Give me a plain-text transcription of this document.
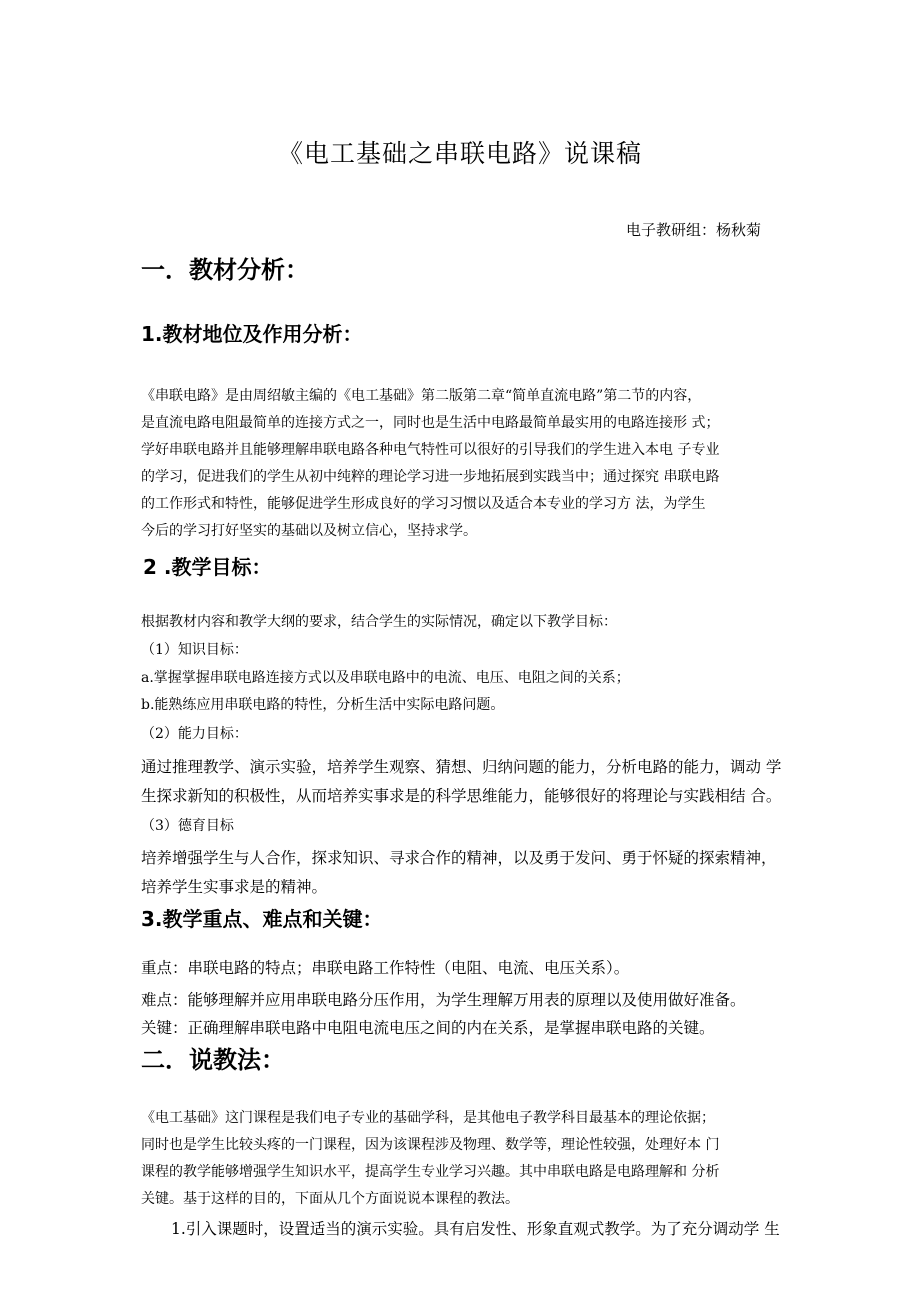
《电工基础之串联电路》说课稿
电子教研组：杨秋菊
一．教材分析：
1.教材地位及作用分析：
《串联电路》是由周绍敏主编的《电工基础》第二版第二章“简单直流电路”第二节的内容，
是直流电路电阻最简单的连接方式之一，同时也是生活中电路最简单最实用的电路连接形 式；
学好串联电路并且能够理解串联电路各种电气特性可以很好的引导我们的学生进入本电 子专业
的学习，促进我们的学生从初中纯粹的理论学习进一步地拓展到实践当中；通过探究 串联电路
的工作形式和特性，能够促进学生形成良好的学习习惯以及适合本专业的学习方 法，为学生
今后的学习打好坚实的基础以及树立信心，坚持求学。
2 .教学目标：
根据教材内容和教学大纲的要求，结合学生的实际情况，确定以下教学目标：
（1）知识目标：
a.掌握掌握串联电路连接方式以及串联电路中的电流、电压、电阻之间的关系；
b.能熟练应用串联电路的特性，分析生活中实际电路问题。
（2）能力目标：
通过推理教学、演示实验，培养学生观察、猜想、归纳问题的能力，分析电路的能力，调动 学
生探求新知的积极性，从而培养实事求是的科学思维能力，能够很好的将理论与实践相结 合。
（3）德育目标
培养增强学生与人合作，探求知识、寻求合作的精神，以及勇于发问、勇于怀疑的探索精神，
培养学生实事求是的精神。
3.教学重点、难点和关键：
重点：串联电路的特点；串联电路工作特性（电阻、电流、电压关系）。
难点：能够理解并应用串联电路分压作用，为学生理解万用表的原理以及使用做好准备。
关键：正确理解串联电路中电阻电流电压之间的内在关系，是掌握串联电路的关键。
二．说教法：
《电工基础》这门课程是我们电子专业的基础学科，是其他电子教学科目最基本的理论依据；
同时也是学生比较头疼的一门课程，因为该课程涉及物理、数学等，理论性较强，处理好本 门
课程的教学能够增强学生知识水平，提高学生专业学习兴趣。其中串联电路是电路理解和 分析
关键。基于这样的目的，下面从几个方面说说本课程的教法。
1.引入课题时，设置适当的演示实验。具有启发性、形象直观式教学。为了充分调动学 生
